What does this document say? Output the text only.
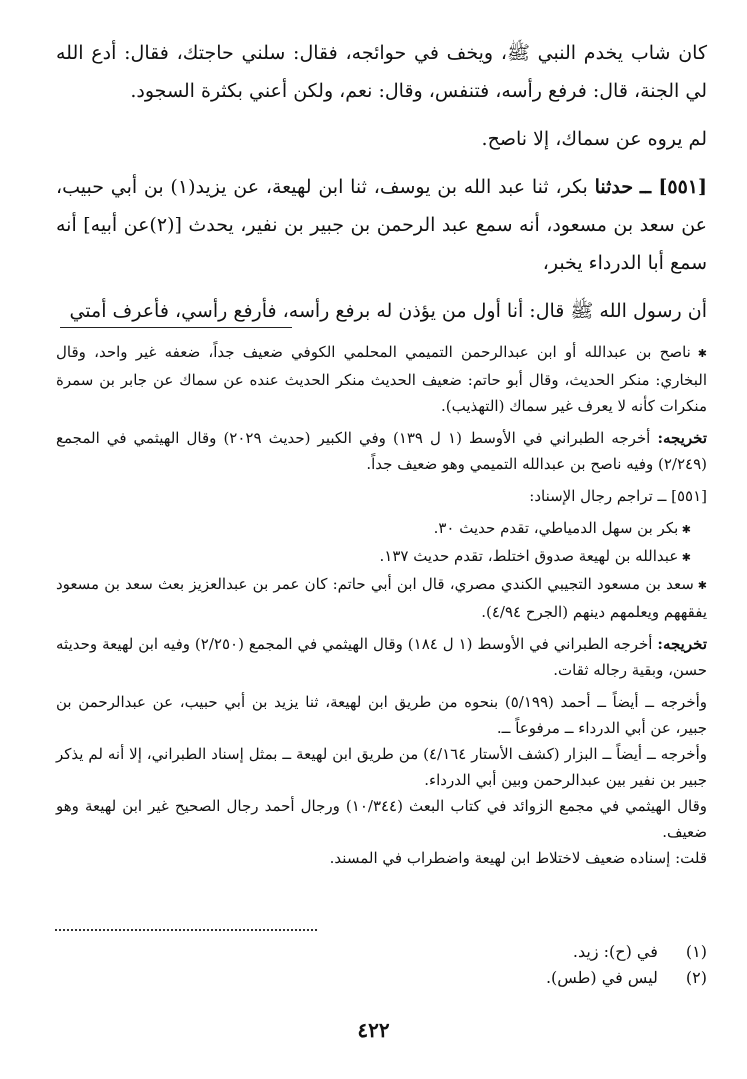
كان شاب يخدم النبي ﷺ، ويخف في حوائجه، فقال: سلني حاجتك، فقال: أدع الله لي الجنة، قال: فرفع رأسه، فتنفس، وقال: نعم، ولكن أعني بكثرة السجود.

لم يروه عن سماك، إلا ناصح.

[٥٥١] ــ حدثنا بكر، ثنا عبد الله بن يوسف، ثنا ابن لهيعة، عن يزيد(١) بن أبي حبيب، عن سعد بن مسعود، أنه سمع عبد الرحمن بن جبير بن نفير، يحدث [(٢)عن أبيه] أنه سمع أبا الدرداء يخبر،

أن رسول الله ﷺ قال: أنا أول من يؤذن له برفع رأسه، فأرفع رأسي، فأعرف أمتي

✱ ناصح بن عبدالله أو ابن عبدالرحمن التميمي المحلمي الكوفي ضعيف جداً، ضعفه غير واحد، وقال البخاري: منكر الحديث، وقال أبو حاتم: ضعيف الحديث منكر الحديث عنده عن سماك عن جابر بن سمرة منكرات كأنه لا يعرف غير سماك (التهذيب).

تخريجه: أخرجه الطبراني في الأوسط (١ ل ١٣٩) وفي الكبير (حديث ٢٠٢٩) وقال الهيثمي في المجمع (٢/٢٤٩) وفيه ناصح بن عبدالله التميمي وهو ضعيف جداً.

[٥٥١] ــ تراجم رجال الإسناد:

✱ بكر بن سهل الدمياطي، تقدم حديث ٣٠.

✱ عبدالله بن لهيعة صدوق اختلط، تقدم حديث ١٣٧.

✱ سعد بن مسعود التجيبي الكندي مصري، قال ابن أبي حاتم: كان عمر بن عبدالعزيز بعث سعد بن مسعود يفقههم ويعلمهم دينهم (الجرح ٤/٩٤).

تخريجه: أخرجه الطبراني في الأوسط (١ ل ١٨٤) وقال الهيثمي في المجمع (٢/٢٥٠) وفيه ابن لهيعة وحديثه حسن، وبقية رجاله ثقات.

وأخرجه ــ أيضاً ــ أحمد (٥/١٩٩) بنحوه من طريق ابن لهيعة، ثنا يزيد بن أبي حبيب، عن عبدالرحمن بن جبير، عن أبي الدرداء ــ مرفوعاً ــ.

وأخرجه ــ أيضاً ــ البزار (كشف الأستار ٤/١٦٤) من طريق ابن لهيعة ــ بمثل إسناد الطبراني، إلا أنه لم يذكر جبير بن نفير بين عبدالرحمن وبين أبي الدرداء.

وقال الهيثمي في مجمع الزوائد في كتاب البعث (١٠/٣٤٤) ورجال أحمد رجال الصحيح غير ابن لهيعة وهو ضعيف.

قلت: إسناده ضعيف لاختلاط ابن لهيعة واضطراب في المسند.

(١) في (ح): زيد.
(٢) ليس في (طس).
٤٢٢
